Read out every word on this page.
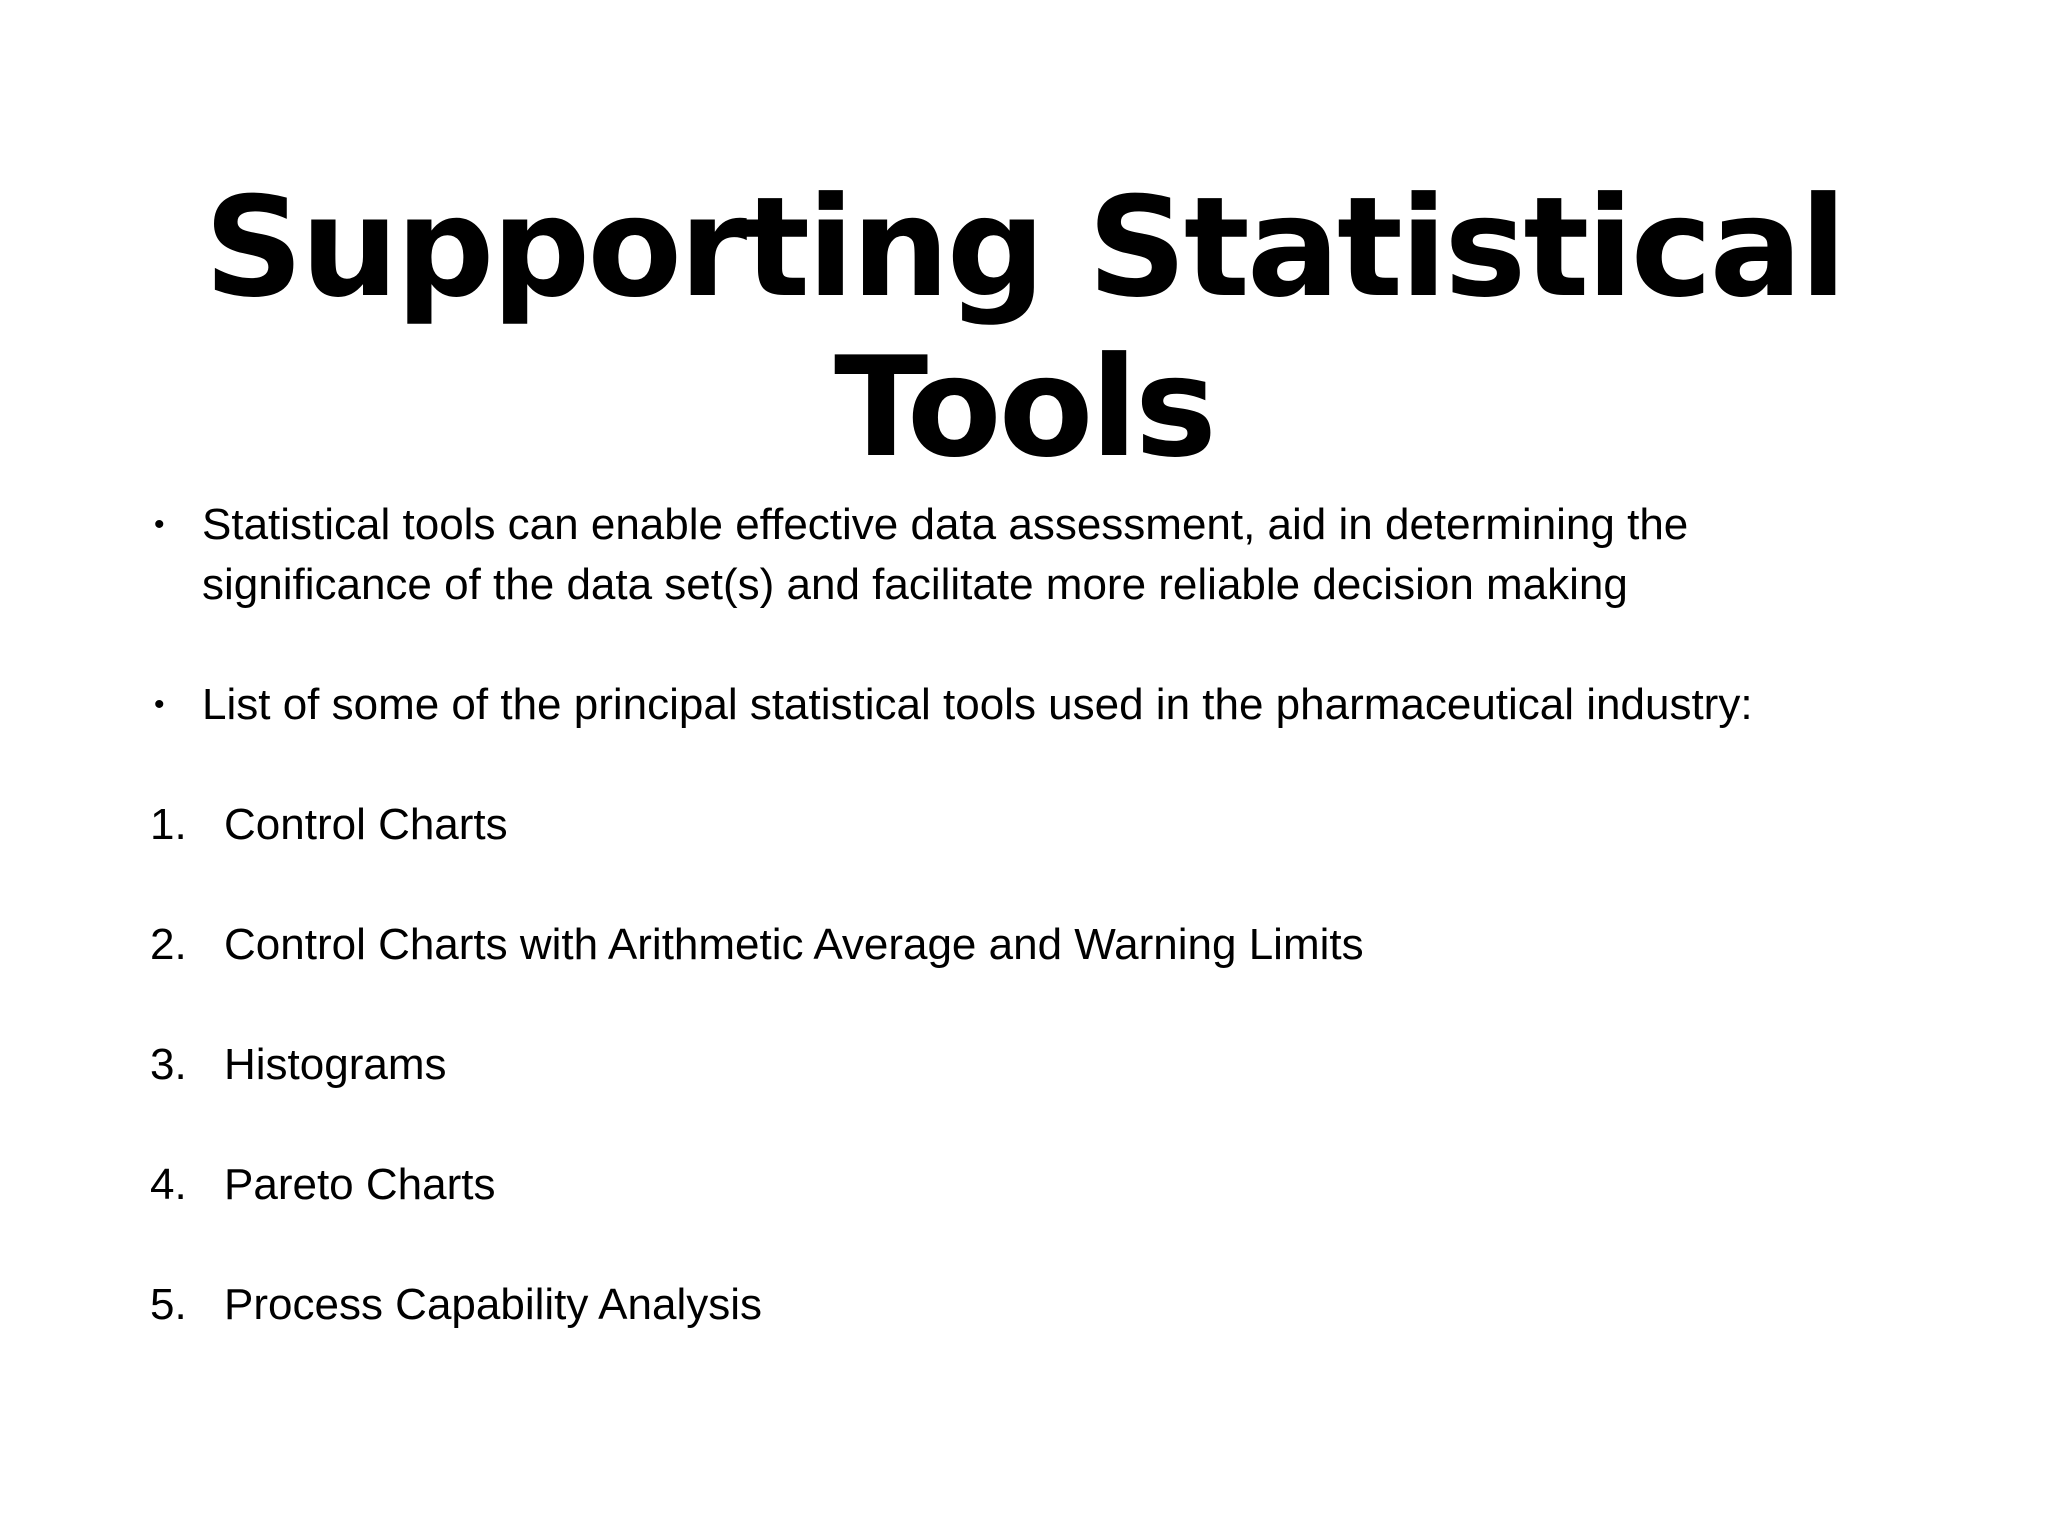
Supporting Statistical Tools
• Statistical tools can enable effective data assessment, aid in determining the significance of the data set(s) and facilitate more reliable decision making
• List of some of the principal statistical tools used in the pharmaceutical industry:
1. Control Charts
2. Control Charts with Arithmetic Average and Warning Limits
3. Histograms
4. Pareto Charts
5. Process Capability Analysis
